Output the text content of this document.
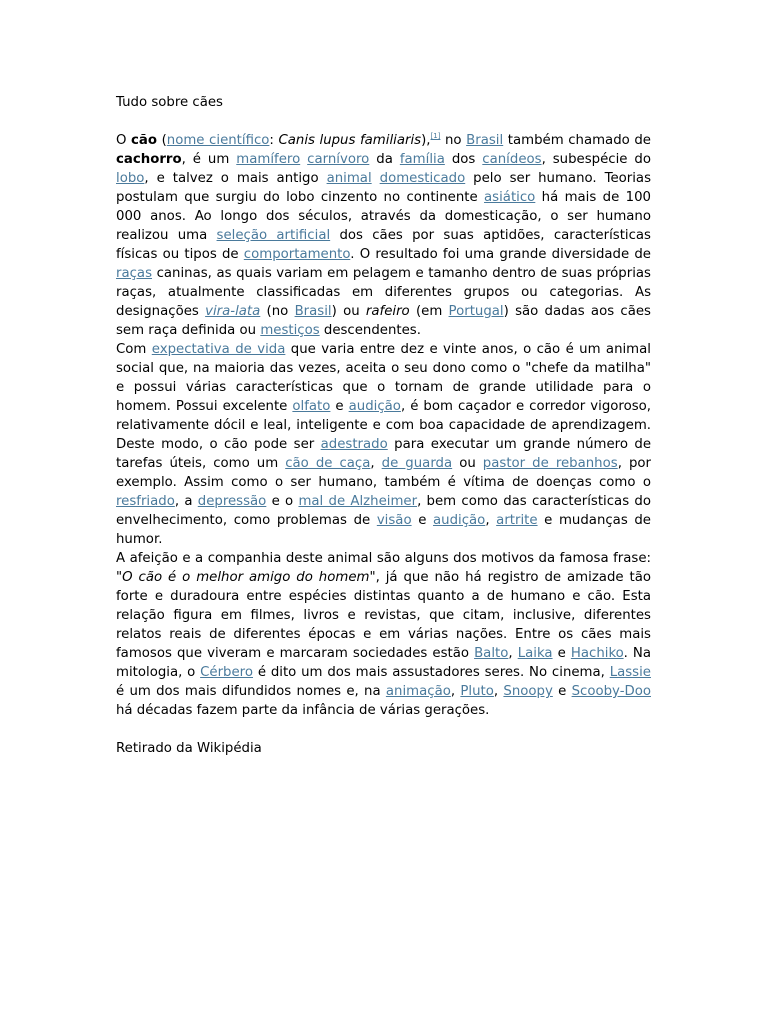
Tudo sobre cães

O cão (nome científico: Canis lupus familiaris),[1] no Brasil também chamado de cachorro, é um mamífero carnívoro da família dos canídeos, subespécie do lobo, e talvez o mais antigo animal domesticado pelo ser humano. Teorias postulam que surgiu do lobo cinzento no continente asiático há mais de 100 000 anos. Ao longo dos séculos, através da domesticação, o ser humano realizou uma seleção artificial dos cães por suas aptidões, características físicas ou tipos de comportamento. O resultado foi uma grande diversidade de raças caninas, as quais variam em pelagem e tamanho dentro de suas próprias raças, atualmente classificadas em diferentes grupos ou categorias. As designações vira-lata (no Brasil) ou rafeiro (em Portugal) são dadas aos cães sem raça definida ou mestiços descendentes.

Com expectativa de vida que varia entre dez e vinte anos, o cão é um animal social que, na maioria das vezes, aceita o seu dono como o "chefe da matilha" e possui várias características que o tornam de grande utilidade para o homem. Possui excelente olfato e audição, é bom caçador e corredor vigoroso, relativamente dócil e leal, inteligente e com boa capacidade de aprendizagem. Deste modo, o cão pode ser adestrado para executar um grande número de tarefas úteis, como um cão de caça, de guarda ou pastor de rebanhos, por exemplo. Assim como o ser humano, também é vítima de doenças como o resfriado, a depressão e o mal de Alzheimer, bem como das características do envelhecimento, como problemas de visão e audição, artrite e mudanças de humor.

A afeição e a companhia deste animal são alguns dos motivos da famosa frase: "O cão é o melhor amigo do homem", já que não há registro de amizade tão forte e duradoura entre espécies distintas quanto a de humano e cão. Esta relação figura em filmes, livros e revistas, que citam, inclusive, diferentes relatos reais de diferentes épocas e em várias nações. Entre os cães mais famosos que viveram e marcaram sociedades estão Balto, Laika e Hachiko. Na mitologia, o Cérbero é dito um dos mais assustadores seres. No cinema, Lassie é um dos mais difundidos nomes e, na animação, Pluto, Snoopy e Scooby-Doo há décadas fazem parte da infância de várias gerações.

Retirado da Wikipédia
